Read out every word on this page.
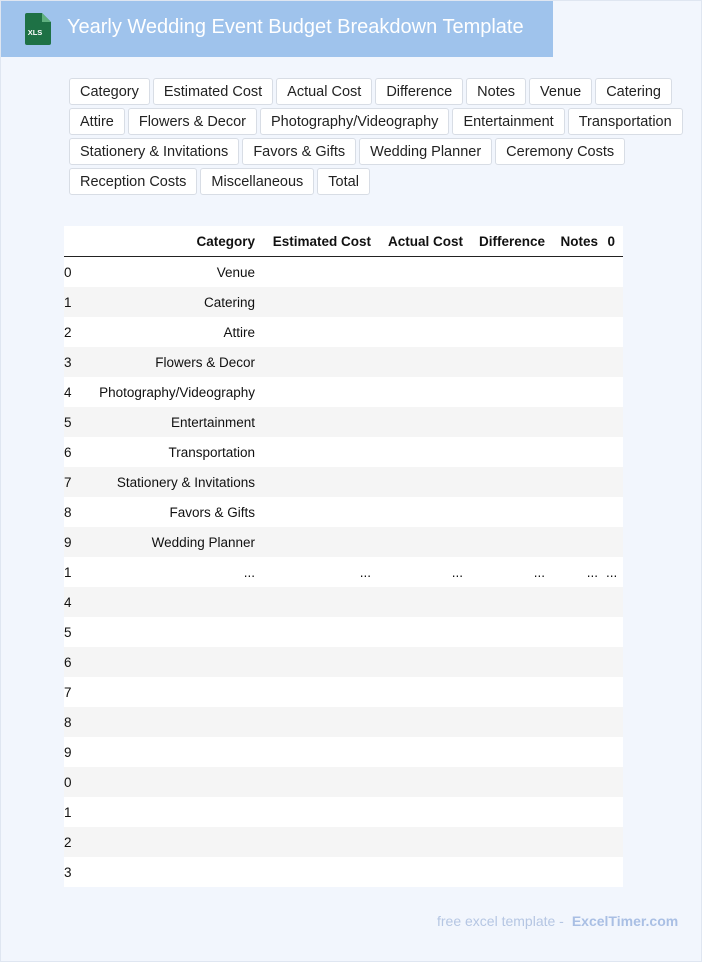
XLS Yearly Wedding Event Budget Breakdown Template
Category	Estimated Cost	Actual Cost	Difference	Notes	Venue	Catering
Attire	Flowers & Decor	Photography/Videography	Entertainment	Transportation
Stationery & Invitations	Favors & Gifts	Wedding Planner	Ceremony Costs
Reception Costs	Miscellaneous	Total
	Category	Estimated Cost	Actual Cost	Difference	Notes	0
0	Venue					
1	Catering					
2	Attire					
3	Flowers & Decor					
4	Photography/Videography					
5	Entertainment					
6	Transportation					
7	Stationery & Invitations					
8	Favors & Gifts					
9	Wedding Planner					
1	...	...	...	...	...	...
4						
5						
6						
7						
8						
9						
0						
1						
2						
3						
free excel template - ExcelTimer.com
